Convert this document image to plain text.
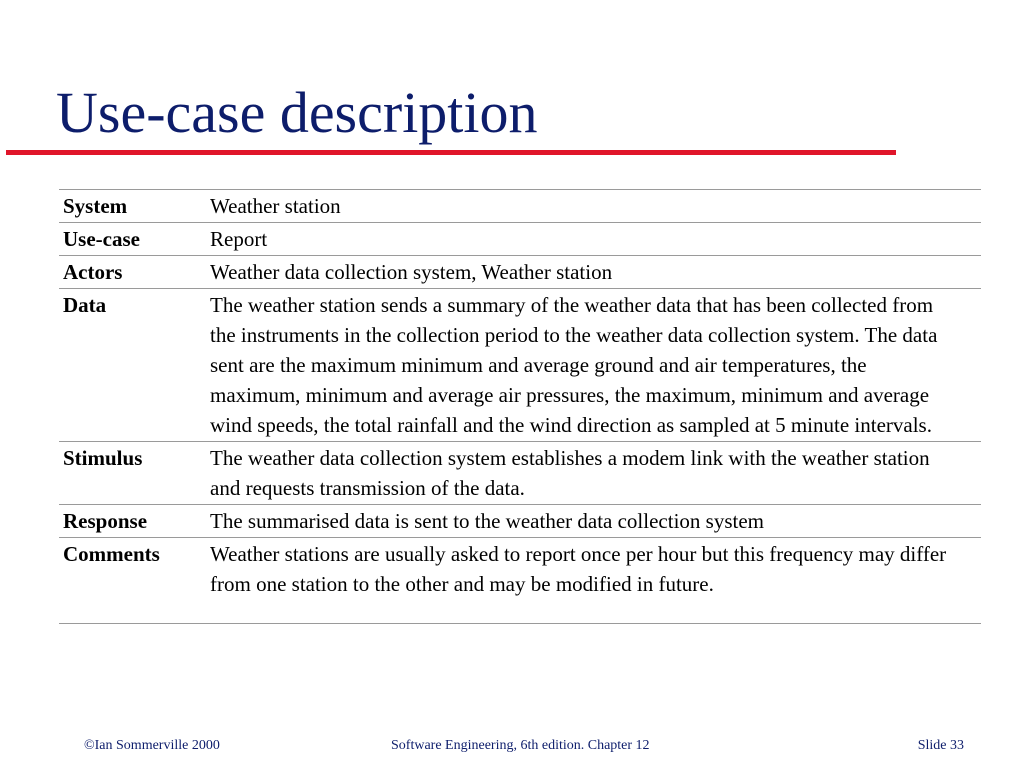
Use-case description
System	Weather station
Use-case	Report
Actors	Weather data collection system, Weather station
Data	The weather station sends a summary of the weather data that has been collected from the instruments in the collection period to the weather data collection system. The data sent are the maximum minimum and average ground and air temperatures, the maximum, minimum and average air pressures, the maximum, minimum and average wind speeds, the total rainfall and the wind direction as sampled at 5 minute intervals.
Stimulus	The weather data collection system establishes a modem link with the weather station and requests transmission of the data.
Response	The summarised data is sent to the weather data collection system
Comments	Weather stations are usually asked to report once per hour but this frequency may differ from one station to the other and may be modified in future.
©Ian Sommerville 2000	Software Engineering, 6th edition. Chapter 12	Slide 33
